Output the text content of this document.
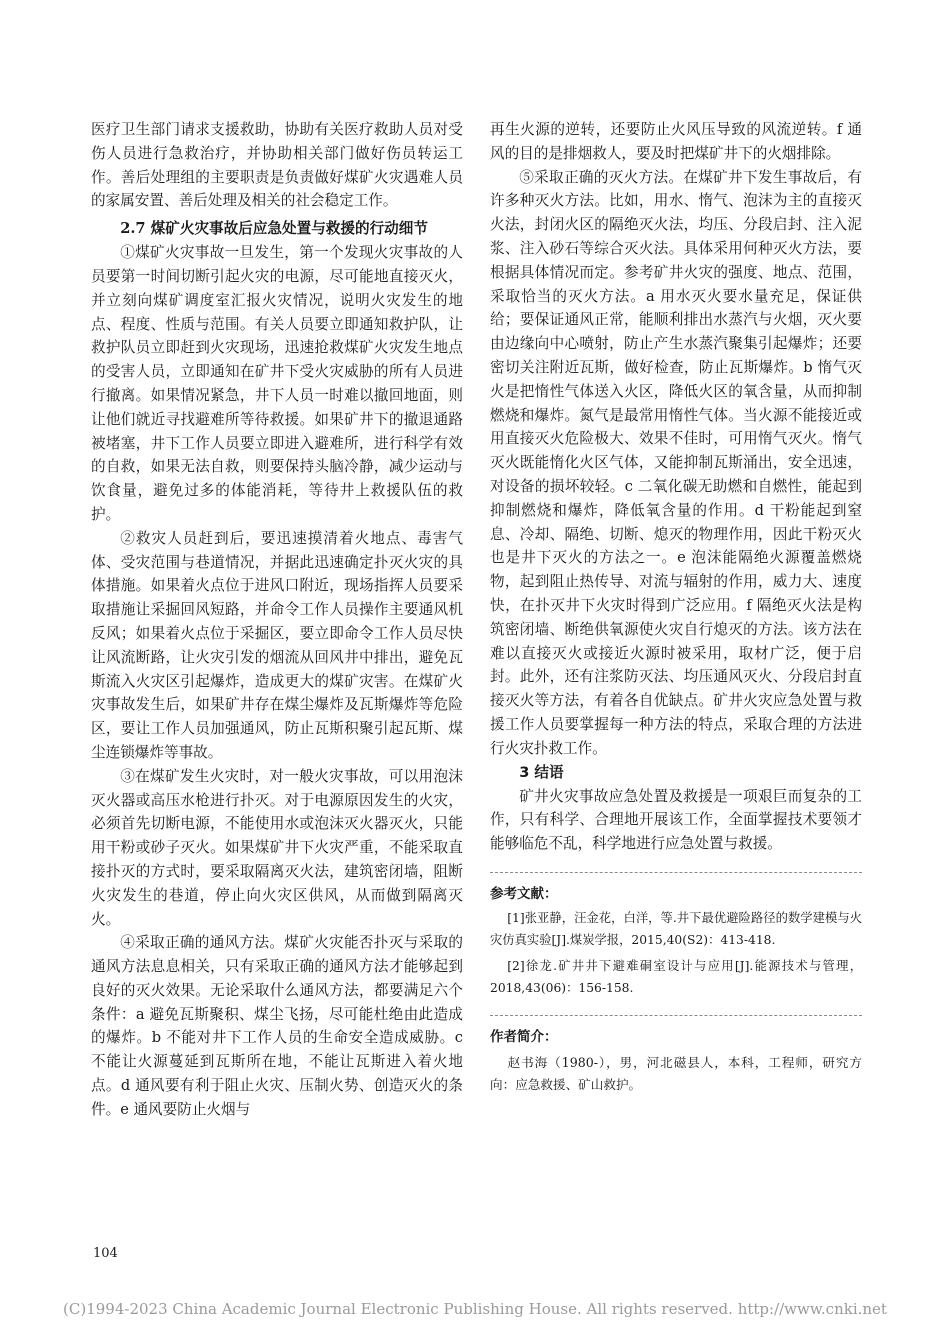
医疗卫生部门请求支援救助，协助有关医疗救助人员对受伤人员进行急救治疗，并协助相关部门做好伤员转运工作。善后处理组的主要职责是负责做好煤矿火灾遇难人员的家属安置、善后处理及相关的社会稳定工作。

2.7 煤矿火灾事故后应急处置与救援的行动细节

①煤矿火灾事故一旦发生，第一个发现火灾事故的人员要第一时间切断引起火灾的电源，尽可能地直接灭火，并立刻向煤矿调度室汇报火灾情况，说明火灾发生的地点、程度、性质与范围。有关人员要立即通知救护队，让救护队员立即赶到火灾现场，迅速抢救煤矿火灾发生地点的受害人员，立即通知在矿井下受火灾威胁的所有人员进行撤离。如果情况紧急，井下人员一时难以撤回地面，则让他们就近寻找避难所等待救援。如果矿井下的撤退通路被堵塞，井下工作人员要立即进入避难所，进行科学有效的自救，如果无法自救，则要保持头脑冷静，减少运动与饮食量，避免过多的体能消耗，等待井上救援队伍的救护。

②救灾人员赶到后，要迅速摸清着火地点、毒害气体、受灾范围与巷道情况，并据此迅速确定扑灭火灾的具体措施。如果着火点位于进风口附近，现场指挥人员要采取措施让采掘回风短路，并命令工作人员操作主要通风机反风；如果着火点位于采掘区，要立即命令工作人员尽快让风流断路，让火灾引发的烟流从回风井中排出，避免瓦斯流入火灾区引起爆炸，造成更大的煤矿灾害。在煤矿火灾事故发生后，如果矿井存在煤尘爆炸及瓦斯爆炸等危险区，要让工作人员加强通风，防止瓦斯积聚引起瓦斯、煤尘连锁爆炸等事故。

③在煤矿发生火灾时，对一般火灾事故，可以用泡沫灭火器或高压水枪进行扑灭。对于电源原因发生的火灾，必须首先切断电源，不能使用水或泡沫灭火器灭火，只能用干粉或砂子灭火。如果煤矿井下火灾严重，不能采取直接扑灭的方式时，要采取隔离灭火法，建筑密闭墙，阻断火灾发生的巷道，停止向火灾区供风，从而做到隔离灭火。

④采取正确的通风方法。煤矿火灾能否扑灭与采取的通风方法息息相关，只有采取正确的通风方法才能够起到良好的灭火效果。无论采取什么通风方法，都要满足六个条件：a 避免瓦斯聚积、煤尘飞扬，尽可能杜绝由此造成的爆炸。b 不能对井下工作人员的生命安全造成威胁。c 不能让火源蔓延到瓦斯所在地，不能让瓦斯进入着火地点。d 通风要有利于阻止火灾、压制火势、创造灭火的条件。e 通风要防止火烟与

再生火源的逆转，还要防止火风压导致的风流逆转。f 通风的目的是排烟救人，要及时把煤矿井下的火烟排除。

⑤采取正确的灭火方法。在煤矿井下发生事故后，有许多种灭火方法。比如，用水、惰气、泡沫为主的直接灭火法，封闭火区的隔绝灭火法，均压、分段启封、注入泥浆、注入砂石等综合灭火法。具体采用何种灭火方法，要根据具体情况而定。参考矿井火灾的强度、地点、范围，采取恰当的灭火方法。a 用水灭火要水量充足，保证供给；要保证通风正常，能顺利排出水蒸汽与火烟，灭火要由边缘向中心喷射，防止产生水蒸汽聚集引起爆炸；还要密切关注附近瓦斯，做好检查，防止瓦斯爆炸。b 惰气灭火是把惰性气体送入火区，降低火区的氧含量，从而抑制燃烧和爆炸。氮气是最常用惰性气体。当火源不能接近或用直接灭火危险极大、效果不佳时，可用惰气灭火。惰气灭火既能惰化火区气体，又能抑制瓦斯涌出，安全迅速，对设备的损坏较轻。c 二氧化碳无助燃和自燃性，能起到抑制燃烧和爆炸，降低氧含量的作用。d 干粉能起到窒息、冷却、隔绝、切断、熄灭的物理作用，因此干粉灭火也是井下灭火的方法之一。e 泡沫能隔绝火源覆盖燃烧物，起到阻止热传导、对流与辐射的作用，威力大、速度快，在扑灭井下火灾时得到广泛应用。f 隔绝灭火法是构筑密闭墙、断绝供氧源使火灾自行熄灭的方法。该方法在难以直接灭火或接近火源时被采用，取材广泛，便于启封。此外，还有注浆防灭法、均压通风灭火、分段启封直接灭火等方法，有着各自优缺点。矿井火灾应急处置与救援工作人员要掌握每一种方法的特点，采取合理的方法进行火灾扑救工作。

3 结语

矿井火灾事故应急处置及救援是一项艰巨而复杂的工作，只有科学、合理地开展该工作，全面掌握技术要领才能够临危不乱，科学地进行应急处置与救援。

参考文献：
[1]张亚静，汪金花，白洋，等.井下最优避险路径的数学建模与火灾仿真实验[J].煤炭学报，2015,40(S2)：413-418.
[2]徐龙.矿井井下避难硐室设计与应用[J].能源技术与管理，2018,43(06)：156-158.
作者简介：
赵书海（1980-），男，河北磁县人，本科，工程师，研究方向：应急救援、矿山救护。
104
(C)1994-2023 China Academic Journal Electronic Publishing House. All rights reserved. http://www.cnki.net
